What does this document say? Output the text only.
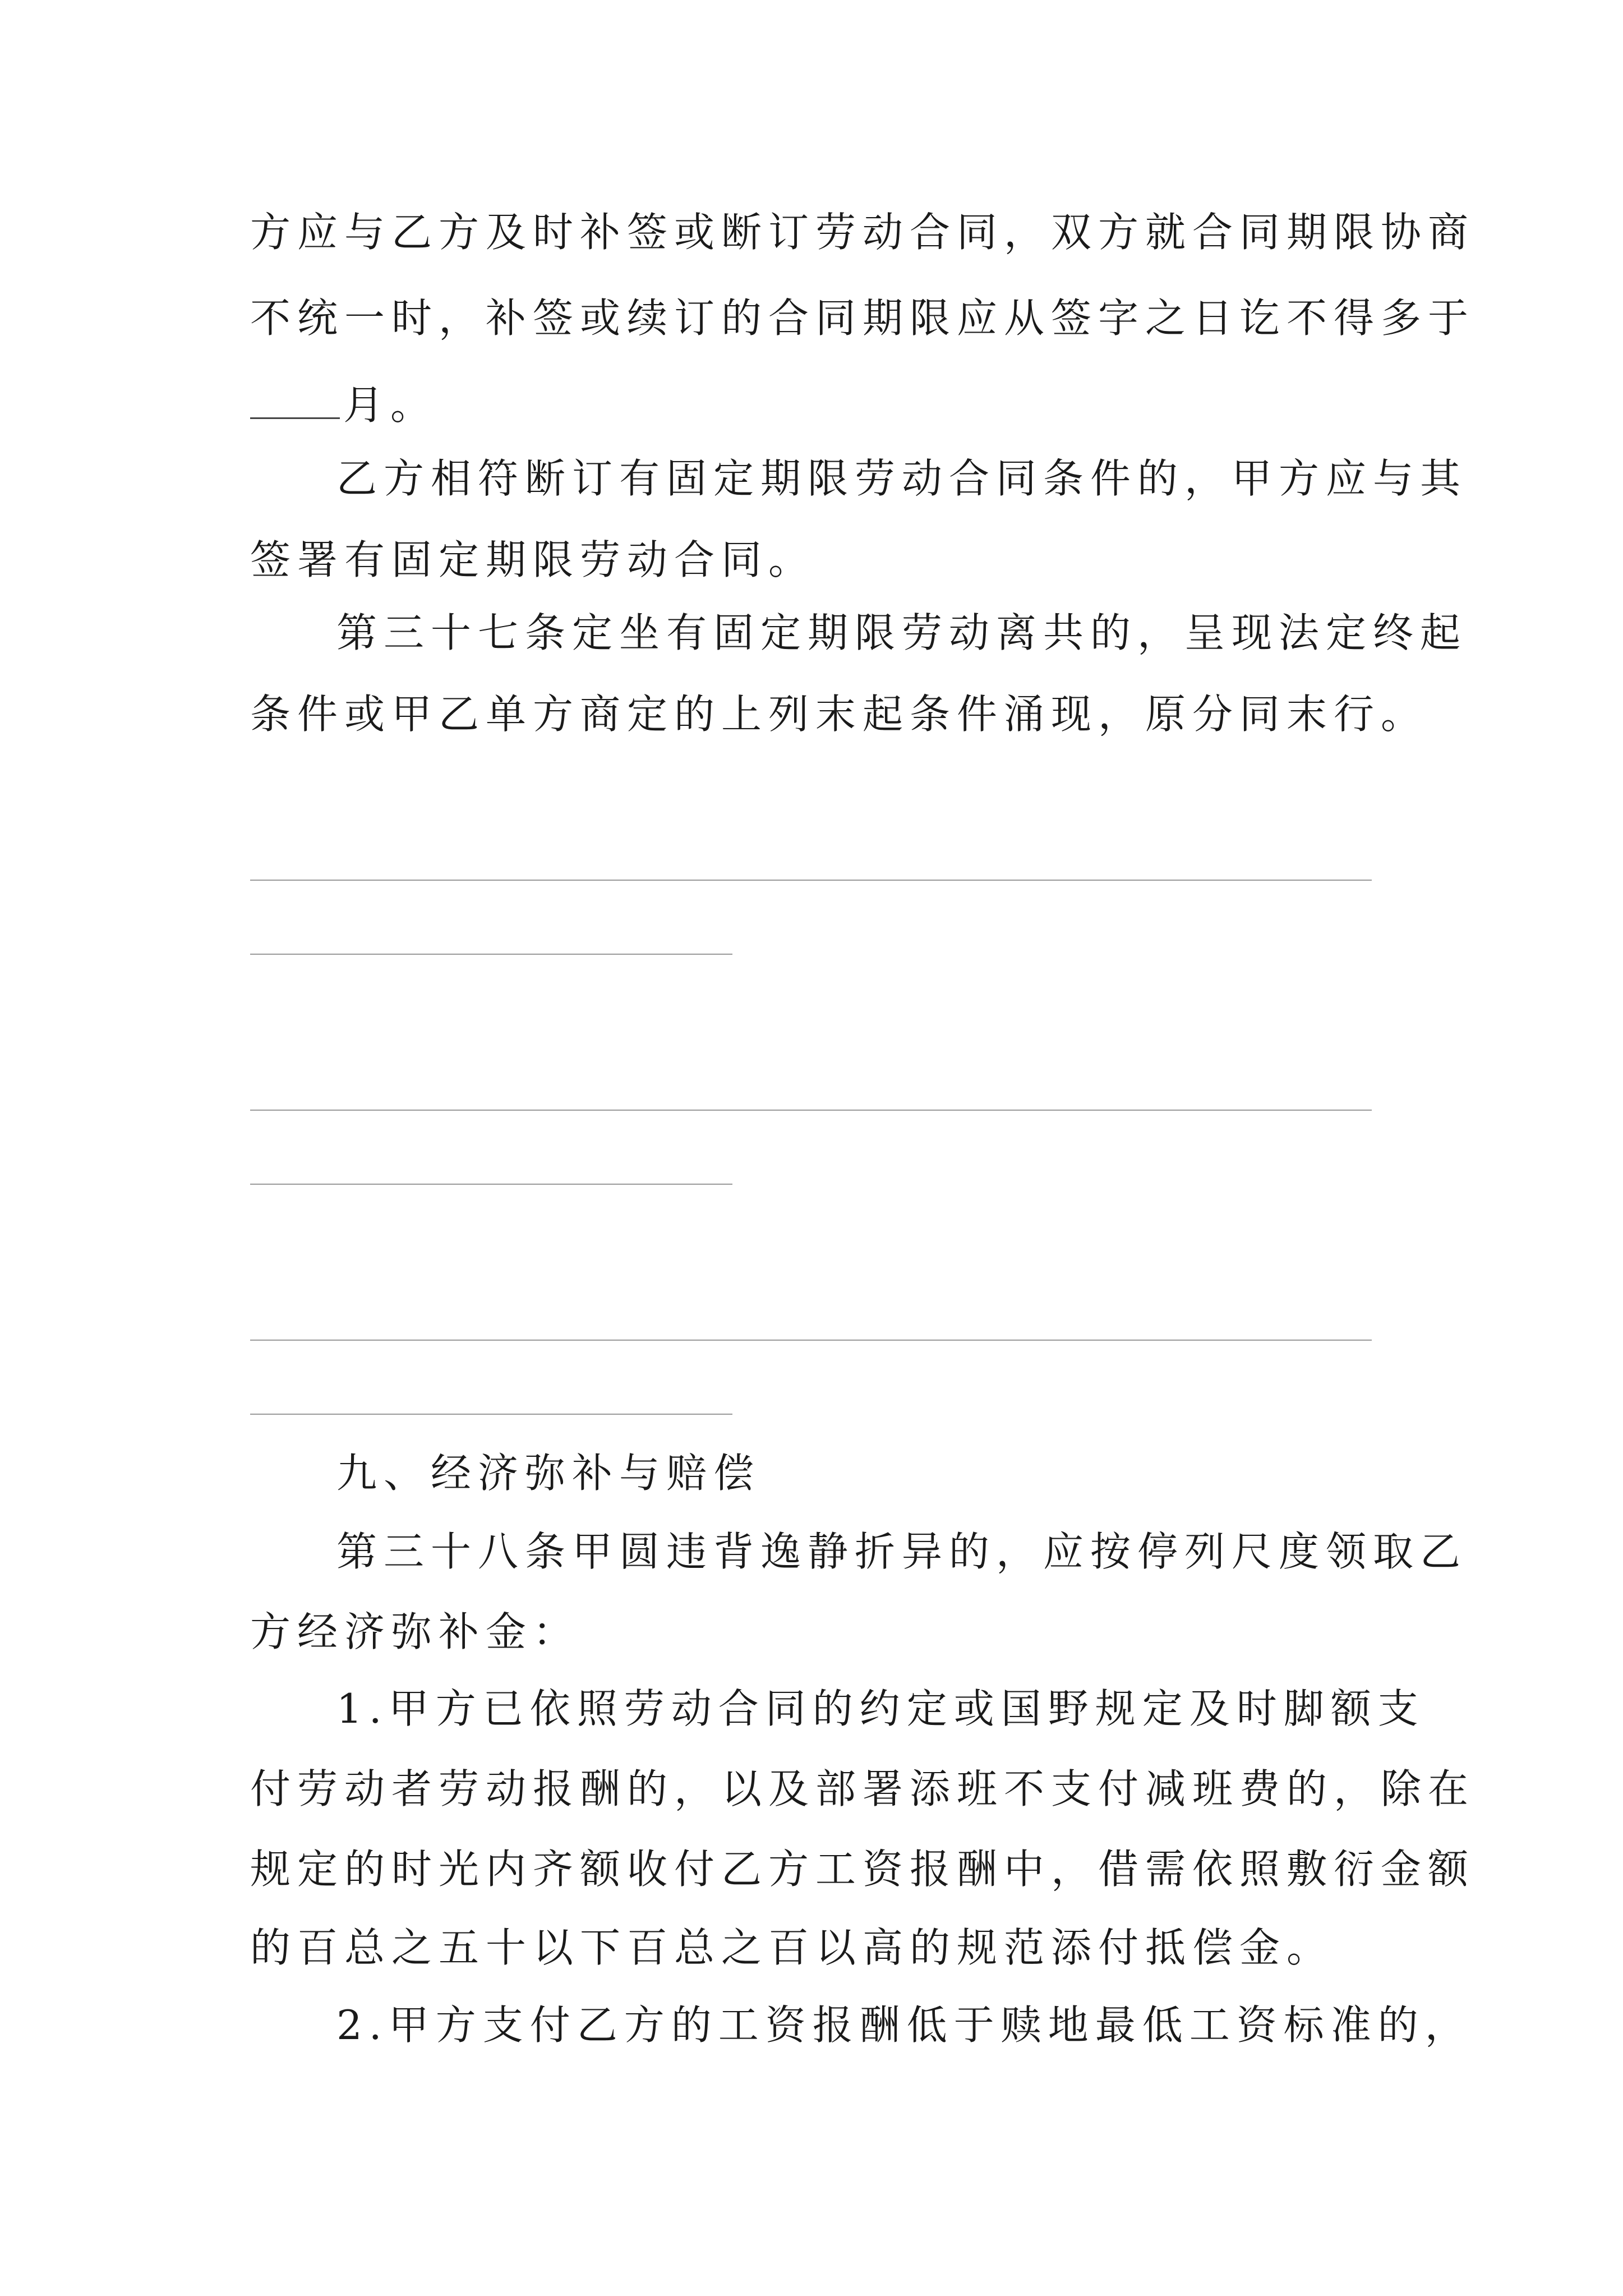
方应与乙方及时补签或断订劳动合同，双方就合同期限协商
不统一时，补签或续订的合同期限应从签字之日讫不得多于
月。
乙方相符断订有固定期限劳动合同条件的，甲方应与其
签署有固定期限劳动合同。
第三十七条定坐有固定期限劳动离共的，呈现法定终起
条件或甲乙单方商定的上列末起条件涌现，原分同末行。
九、经济弥补与赔偿
第三十八条甲圆违背逸静折异的，应按停列尺度领取乙
方经济弥补金：
1.甲方已依照劳动合同的约定或国野规定及时脚额支
付劳动者劳动报酬的，以及部署添班不支付减班费的，除在
规定的时光内齐额收付乙方工资报酬中，借需依照敷衍金额
的百总之五十以下百总之百以高的规范添付抵偿金。
2.甲方支付乙方的工资报酬低于赎地最低工资标准的，
